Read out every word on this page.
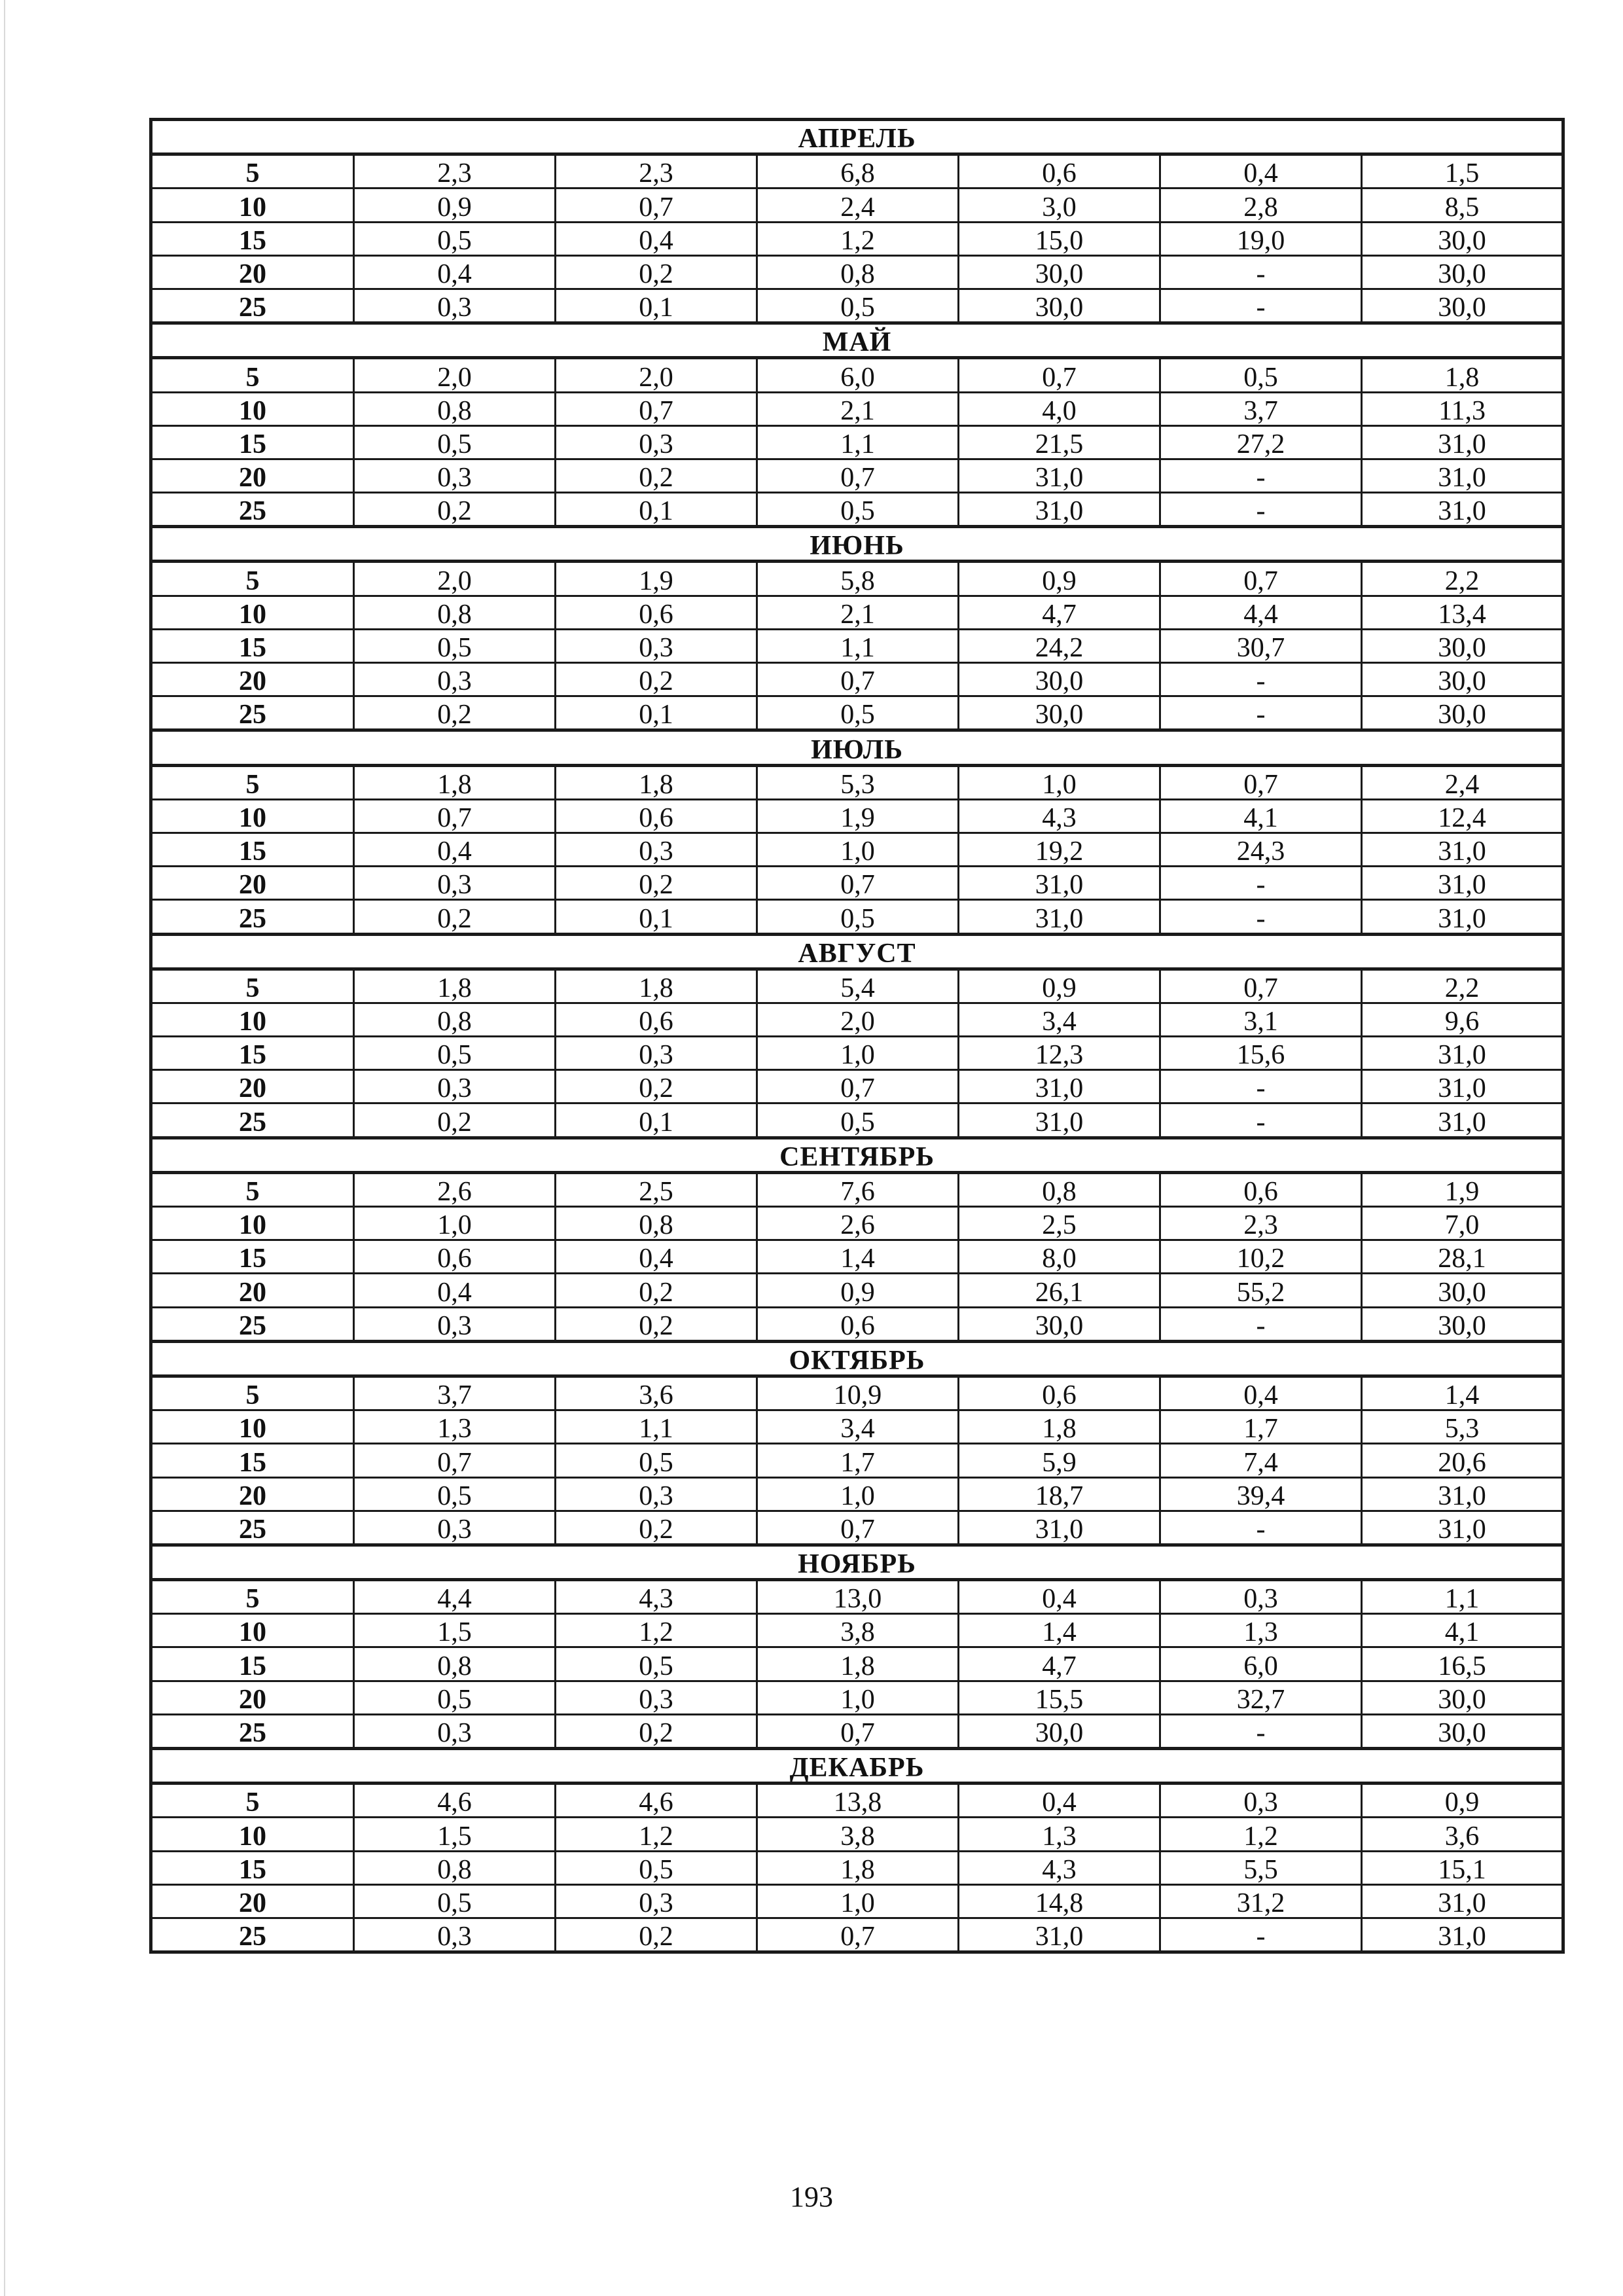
АПРЕЛЬ						
5	2,3	2,3	6,8	0,6	0,4	1,5
10	0,9	0,7	2,4	3,0	2,8	8,5
15	0,5	0,4	1,2	15,0	19,0	30,0
20	0,4	0,2	0,8	30,0	-	30,0
25	0,3	0,1	0,5	30,0	-	30,0
МАЙ						
5	2,0	2,0	6,0	0,7	0,5	1,8
10	0,8	0,7	2,1	4,0	3,7	11,3
15	0,5	0,3	1,1	21,5	27,2	31,0
20	0,3	0,2	0,7	31,0	-	31,0
25	0,2	0,1	0,5	31,0	-	31,0
ИЮНЬ						
5	2,0	1,9	5,8	0,9	0,7	2,2
10	0,8	0,6	2,1	4,7	4,4	13,4
15	0,5	0,3	1,1	24,2	30,7	30,0
20	0,3	0,2	0,7	30,0	-	30,0
25	0,2	0,1	0,5	30,0	-	30,0
ИЮЛЬ						
5	1,8	1,8	5,3	1,0	0,7	2,4
10	0,7	0,6	1,9	4,3	4,1	12,4
15	0,4	0,3	1,0	19,2	24,3	31,0
20	0,3	0,2	0,7	31,0	-	31,0
25	0,2	0,1	0,5	31,0	-	31,0
АВГУСТ						
5	1,8	1,8	5,4	0,9	0,7	2,2
10	0,8	0,6	2,0	3,4	3,1	9,6
15	0,5	0,3	1,0	12,3	15,6	31,0
20	0,3	0,2	0,7	31,0	-	31,0
25	0,2	0,1	0,5	31,0	-	31,0
СЕНТЯБРЬ						
5	2,6	2,5	7,6	0,8	0,6	1,9
10	1,0	0,8	2,6	2,5	2,3	7,0
15	0,6	0,4	1,4	8,0	10,2	28,1
20	0,4	0,2	0,9	26,1	55,2	30,0
25	0,3	0,2	0,6	30,0	-	30,0
ОКТЯБРЬ						
5	3,7	3,6	10,9	0,6	0,4	1,4
10	1,3	1,1	3,4	1,8	1,7	5,3
15	0,7	0,5	1,7	5,9	7,4	20,6
20	0,5	0,3	1,0	18,7	39,4	31,0
25	0,3	0,2	0,7	31,0	-	31,0
НОЯБРЬ						
5	4,4	4,3	13,0	0,4	0,3	1,1
10	1,5	1,2	3,8	1,4	1,3	4,1
15	0,8	0,5	1,8	4,7	6,0	16,5
20	0,5	0,3	1,0	15,5	32,7	30,0
25	0,3	0,2	0,7	30,0	-	30,0
ДЕКАБРЬ						
5	4,6	4,6	13,8	0,4	0,3	0,9
10	1,5	1,2	3,8	1,3	1,2	3,6
15	0,8	0,5	1,8	4,3	5,5	15,1
20	0,5	0,3	1,0	14,8	31,2	31,0
25	0,3	0,2	0,7	31,0	-	31,0
193
